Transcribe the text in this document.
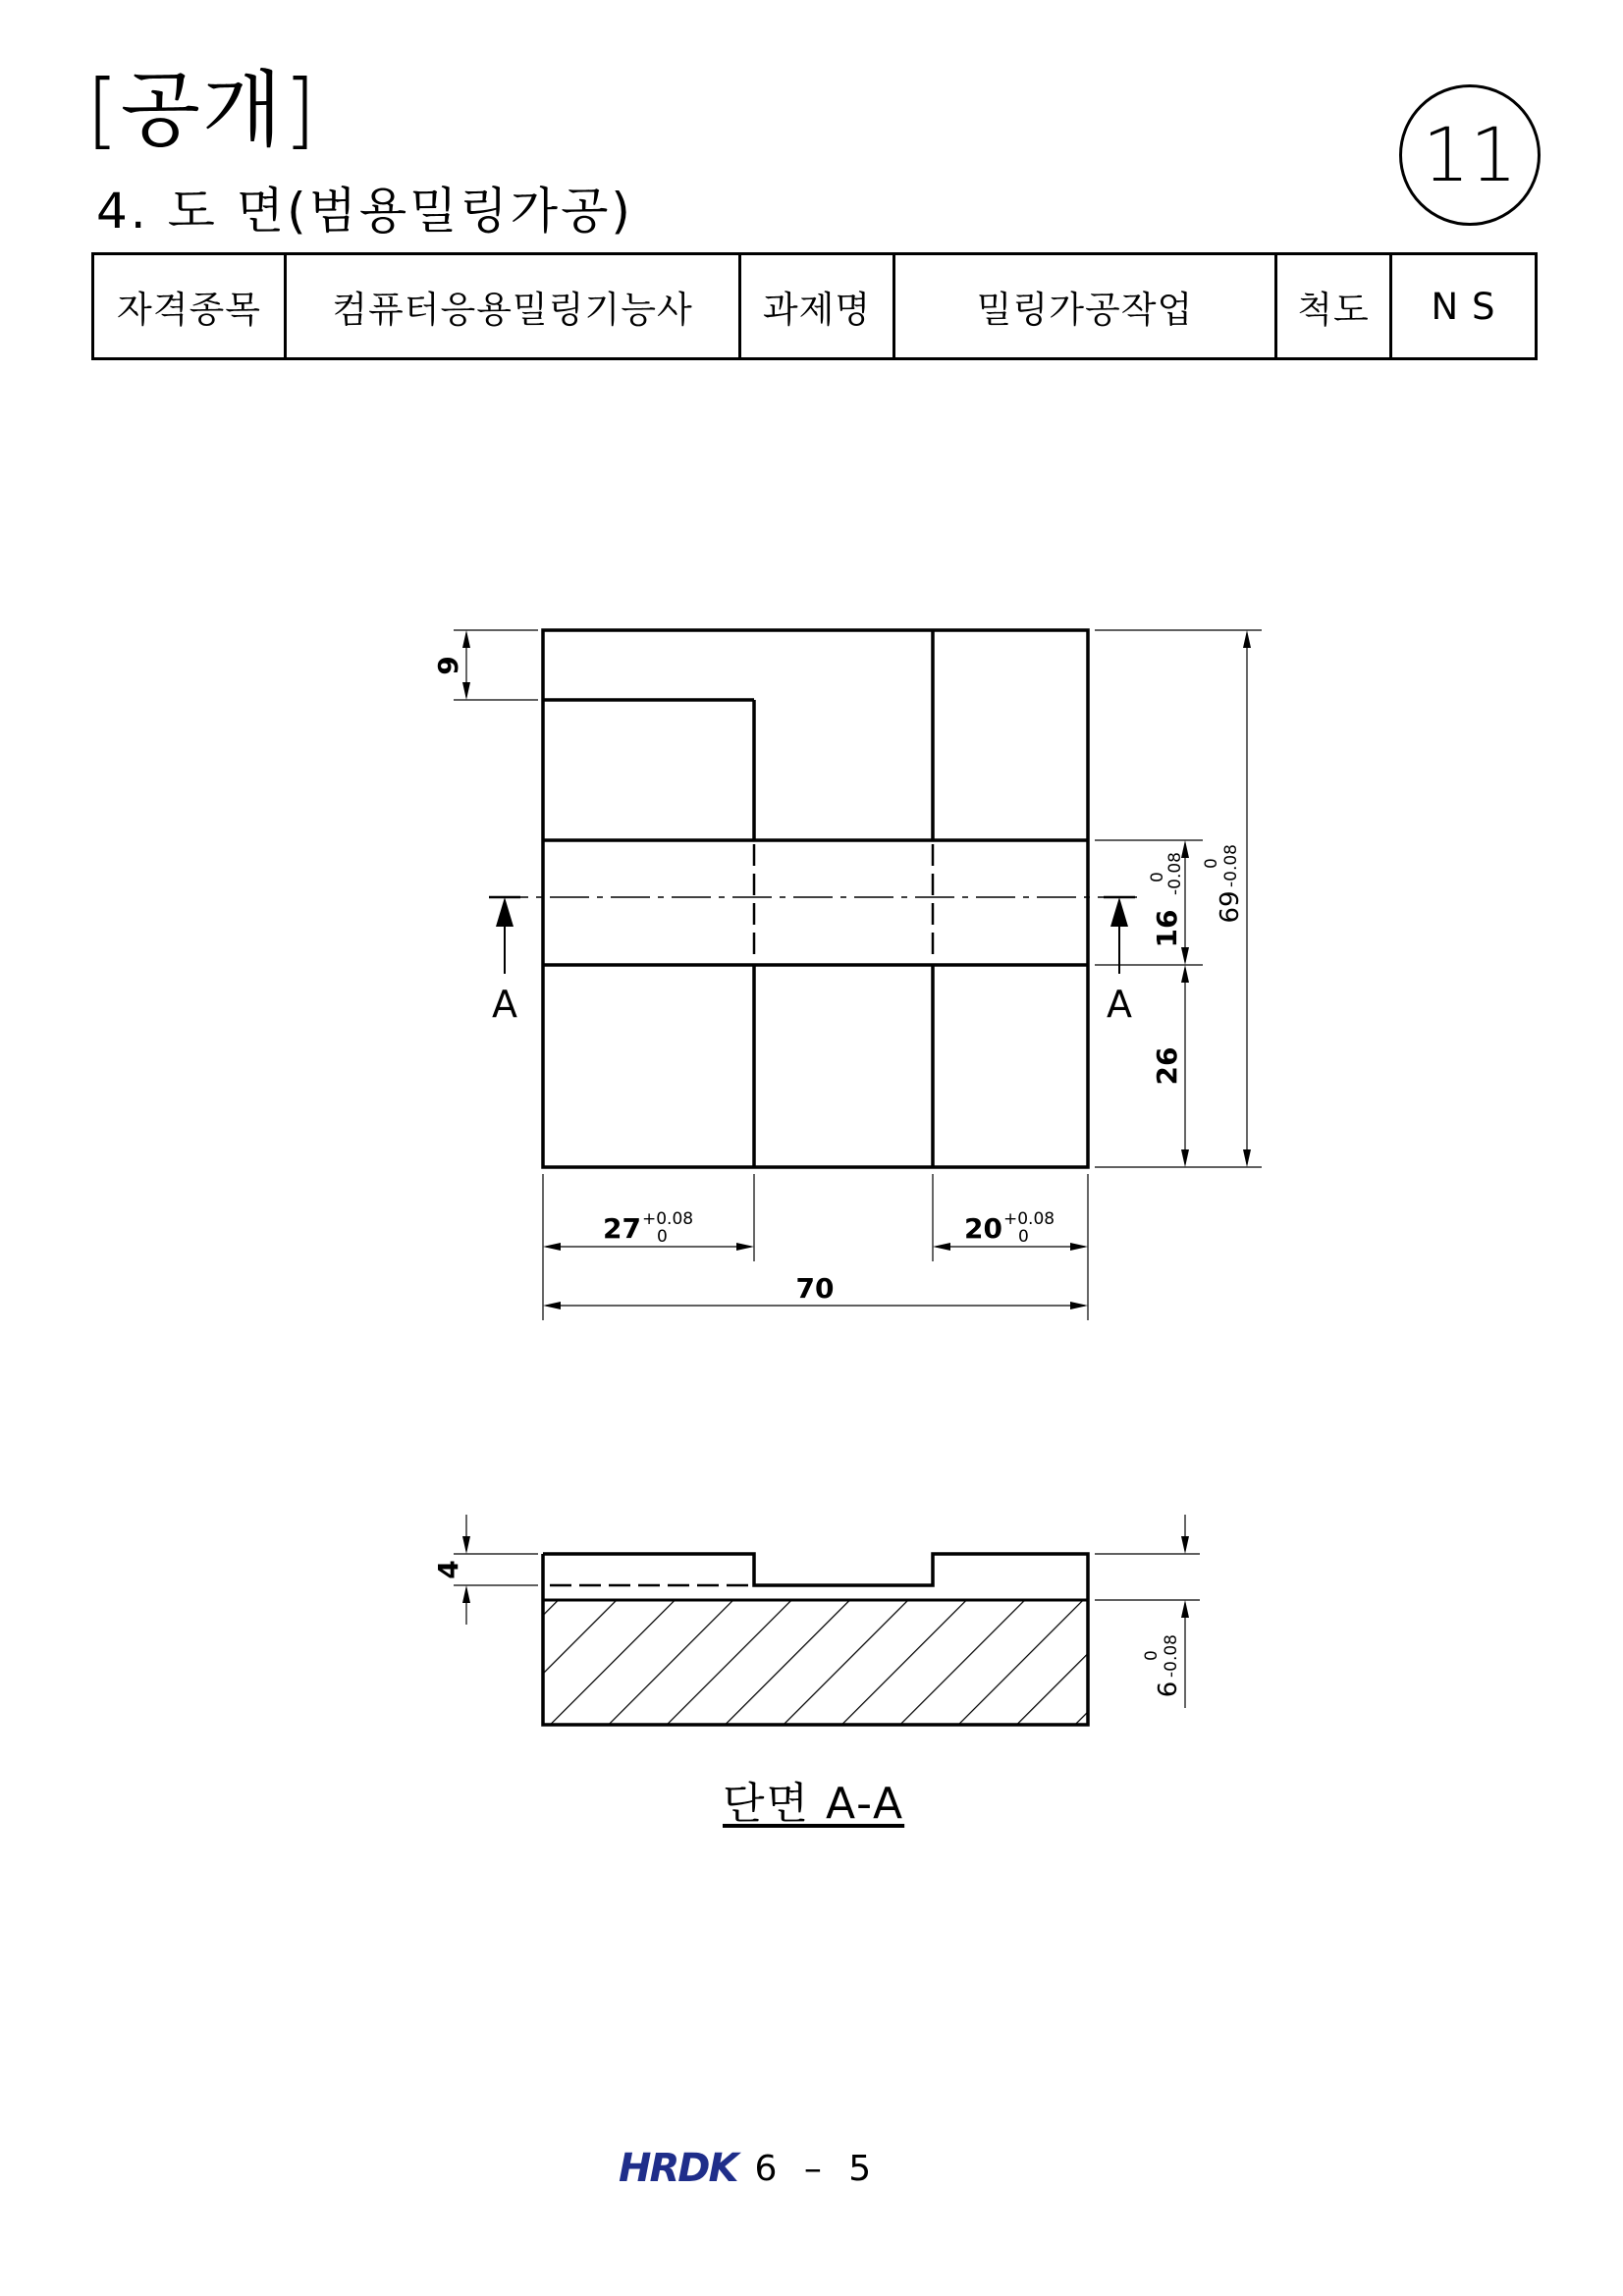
[공개]
4. 도 면(범용밀링가공)
11
자격종목	컴퓨터응용밀링기능사	과제명	밀링가공작업	척도	N S
9
A	A
16
0
-0.08
26
69
0 -0.08
27 +0.08
0	20 +0.08
0
70
4
6
0 -0.08
단면 A-A
HRDK 6 – 5
